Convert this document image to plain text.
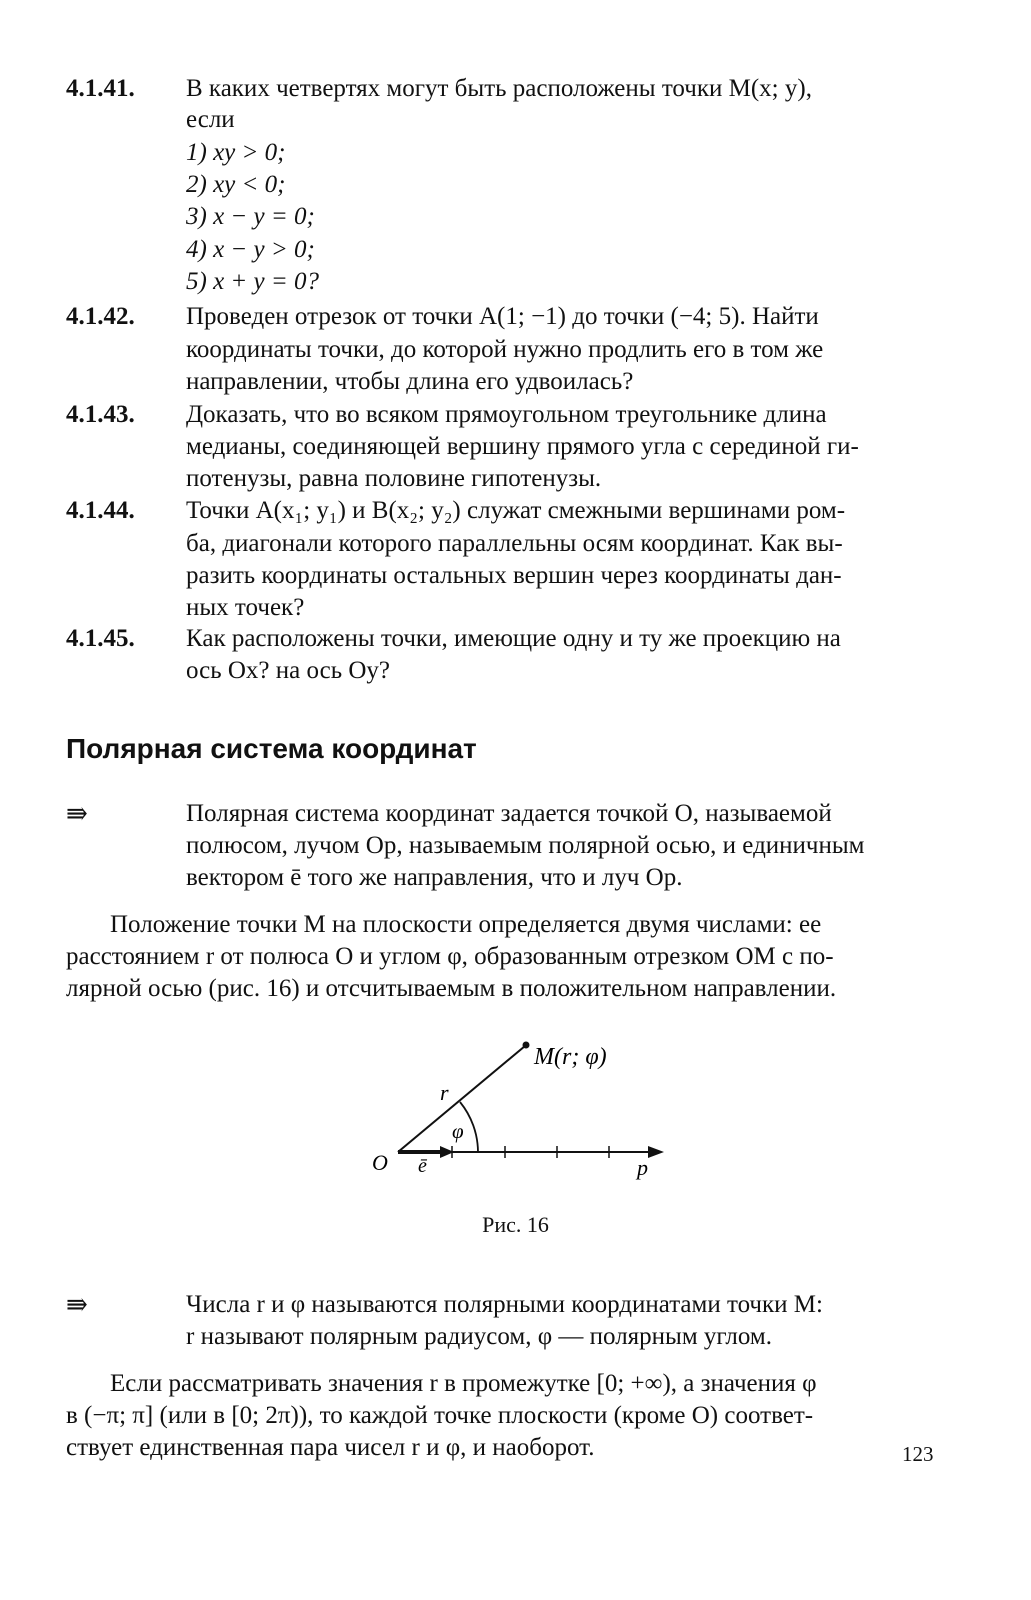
4.1.41. В каких четвертях могут быть расположены точки M(x; y),
если
1) xy > 0;
2) xy < 0;
3) x − y = 0;
4) x − y > 0;
5) x + y = 0?
4.1.42. Проведен отрезок от точки A(1; −1) до точки (−4; 5). Найти
координаты точки, до которой нужно продлить его в том же
направлении, чтобы длина его удвоилась?
4.1.43. Доказать, что во всяком прямоугольном треугольнике длина
медианы, соединяющей вершину прямого угла с серединой ги-
потенузы, равна половине гипотенузы.
4.1.44. Точки A(x₁; y₁) и B(x₂; y₂) служат смежными вершинами ром-
ба, диагонали которого параллельны осям координат. Как вы-
разить координаты остальных вершин через координаты дан-
ных точек?
4.1.45. Как расположены точки, имеющие одну и ту же проекцию на
ось Ox? на ось Oy?
Полярная система координат
⇛	Полярная система координат задается точкой O, называемой
полюсом, лучом Op, называемым полярной осью, и единичным
вектором ē того же направления, что и луч Op.
Положение точки M на плоскости определяется двумя числами: ее
расстоянием r от полюса O и углом φ, образованным отрезком OM с по-
лярной осью (рис. 16) и отсчитываемым в положительном направлении.
M(r; φ)
r
φ
O ē	p
Рис. 16
⇛	Числа r и φ называются полярными координатами точки M:
r называют полярным радиусом, φ — полярным углом.
Если рассматривать значения r в промежутке [0; +∞), а значения φ
в (−π; π] (или в [0; 2π)), то каждой точке плоскости (кроме O) соответ-
ствует единственная пара чисел r и φ, и наоборот.	123
